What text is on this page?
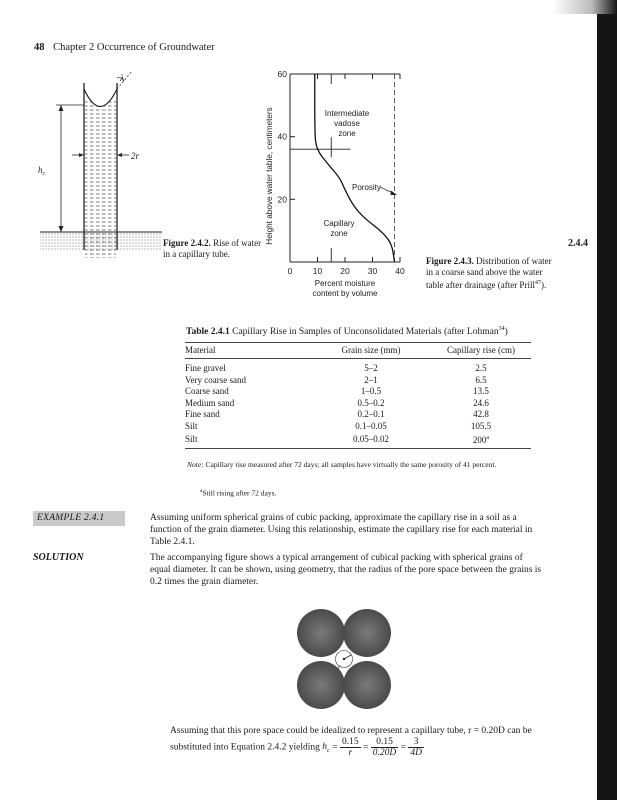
48 Chapter 2 Occurrence of Groundwater
λ
2r
$h_c$
Figure 2.4.2. Rise of water in a capillary tube.
Height above water table, centimeters
60
40
20
0 10 20 30 40
Percent moisture
content by volume
Intermediate
vadose
zone
Capillary
zone
Porosity
Figure 2.4.3. Distribution of water in a coarse sand above the water table after drainage (after Prill$^{47}$).
2.4.4
Table 2.4.1 Capillary Rise in Samples of Unconsolidated Materials (after Lohman$^{34}$)
Material	Grain size (mm)	Capillary rise (cm)
Fine gravel	5–2	2.5
Very coarse sand	2–1	6.5
Coarse sand	1–0.5	13.5
Medium sand	0.5–0.2	24.6
Fine sand	0.2–0.1	42.8
Silt	0.1–0.05	105.5
Silt	0.05–0.02	200$^a$
Note: Capillary rise measured after 72 days; all samples have virtually the same porosity of 41 percent.
$^a$Still rising after 72 days.
EXAMPLE 2.4.1	Assuming uniform spherical grains of cubic packing, approximate the capillary rise in a soil as a function of the grain diameter. Using this relationship, estimate the capillary rise for each material in Table 2.4.1.
SOLUTION	The accompanying figure shows a typical arrangement of cubical packing with spherical grains of equal diameter. It can be shown, using geometry, that the radius of the pore space between the grains is 0.2 times the grain diameter.
r
Assuming that this pore space could be idealized to represent a capillary tube, r = 0.20D can be
substituted into Equation 2.4.2 yielding $h_c = \frac{0.15}{r} = \frac{0.15}{0.20D} = \frac{3}{4D}$
